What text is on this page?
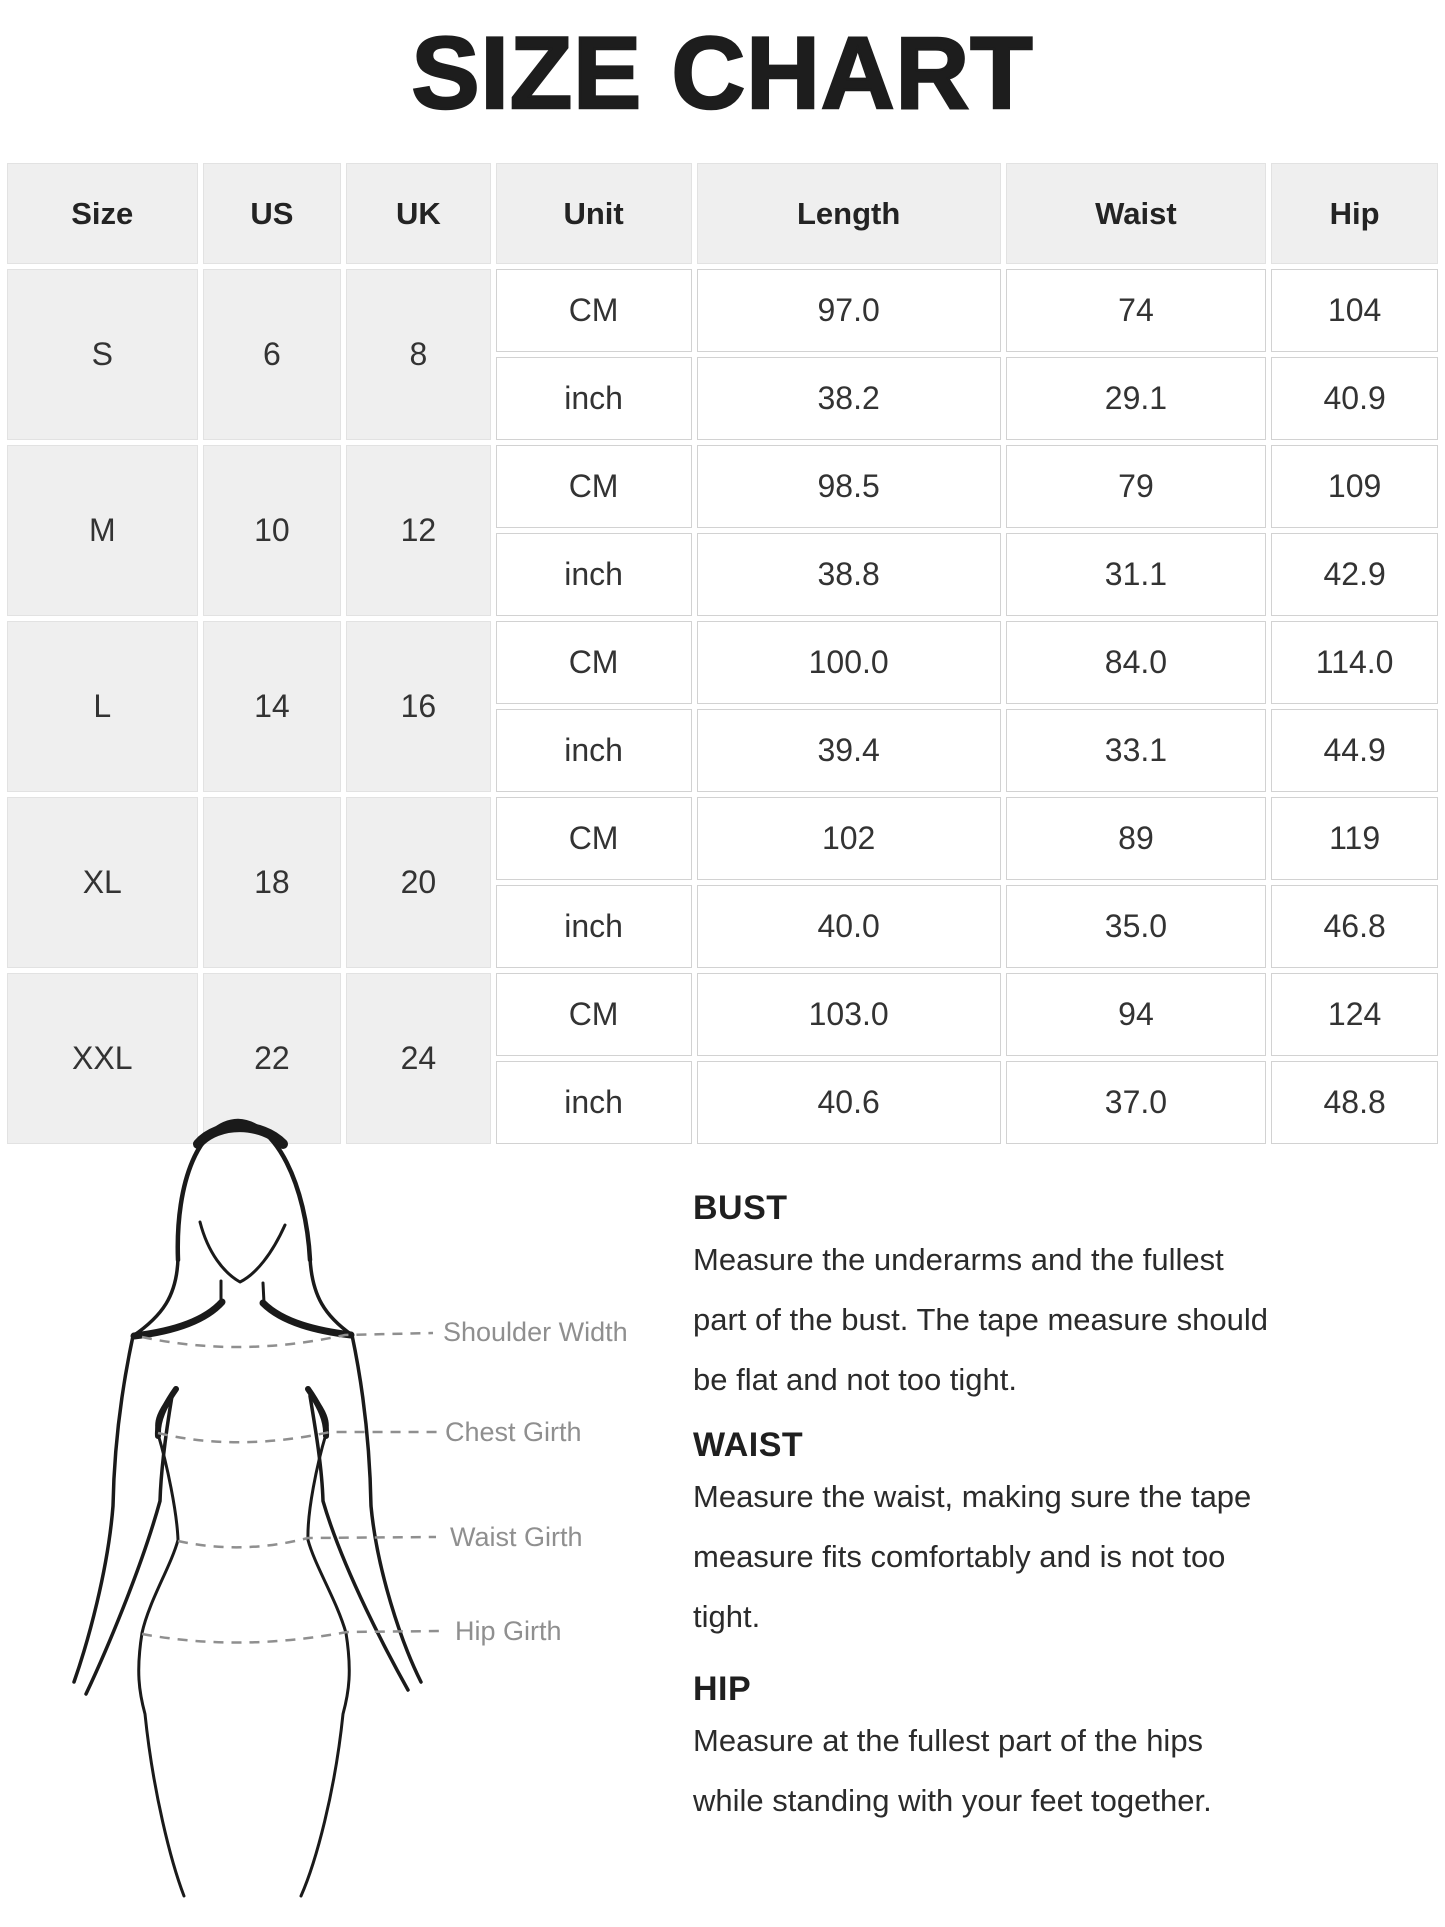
SIZE CHART
Size	US	UK	Unit	Length	Waist	Hip
S	6	8	CM	97.0	74	104
			inch	38.2	29.1	40.9
M	10	12	CM	98.5	79	109
			inch	38.8	31.1	42.9
L	14	16	CM	100.0	84.0	114.0
			inch	39.4	33.1	44.9
XL	18	20	CM	102	89	119
			inch	40.0	35.0	46.8
XXL	22	24	CM	103.0	94	124
			inch	40.6	37.0	48.8
Shoulder Width
Chest Girth
Waist Girth
Hip Girth
BUST

Measure the underarms and the fullest
part of the bust. The tape measure should
be flat and not too tight.

WAIST

Measure the waist, making sure the tape
measure fits comfortably and is not too
tight.

HIP

Measure at the fullest part of the hips
while standing with your feet together.
